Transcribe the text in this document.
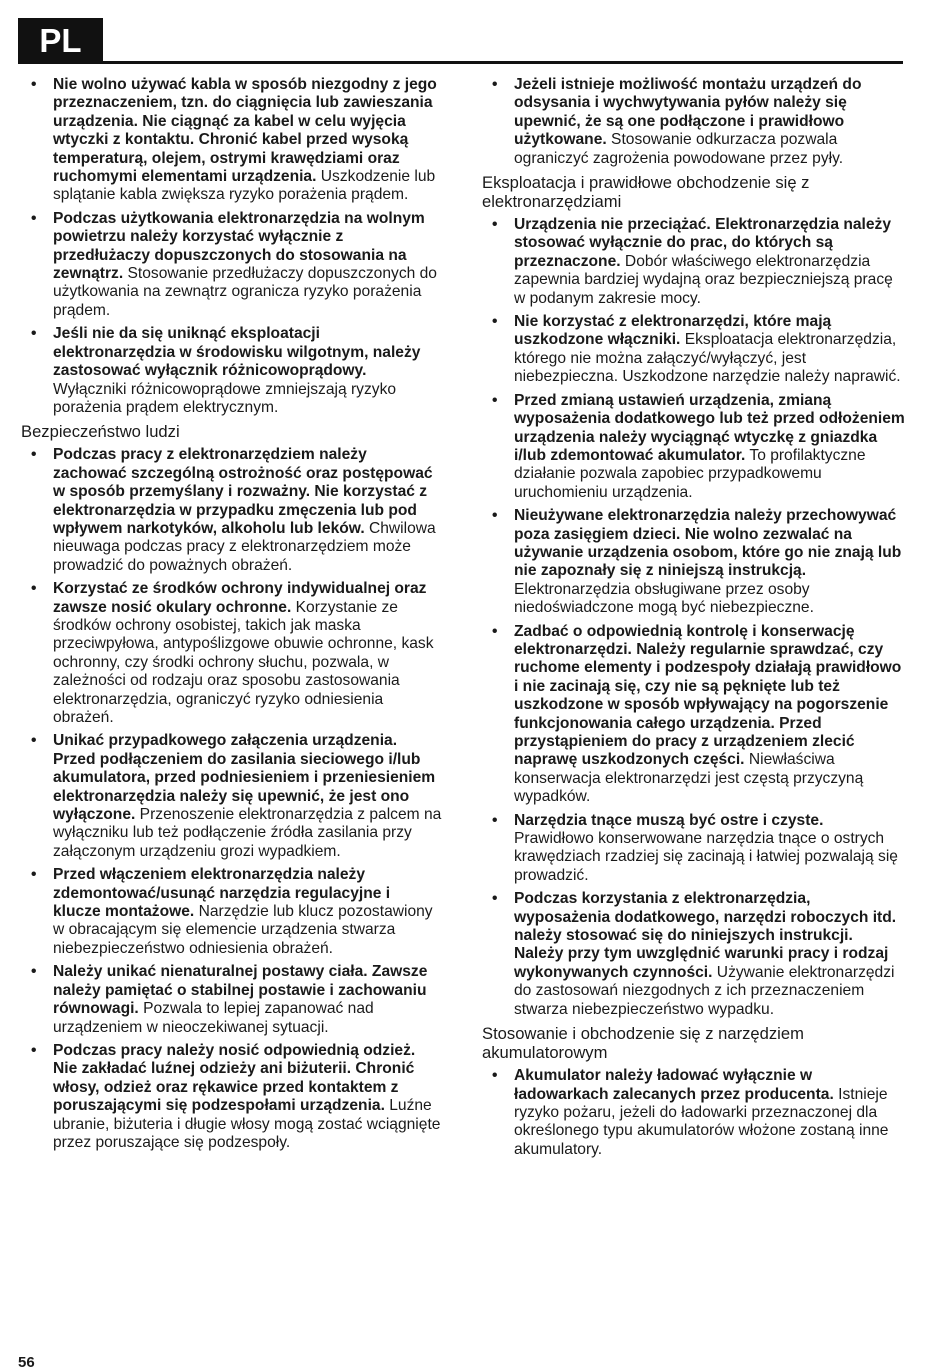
PL
• Nie wolno używać kabla w sposób niezgodny z jego przeznaczeniem, tzn. do ciągnięcia lub zawieszania urządzenia. Nie ciągnąć za kabel w celu wyjęcia wtyczki z kontaktu. Chronić kabel przed wysoką temperaturą, olejem, ostrymi krawędziami oraz ruchomymi elementami urządzenia. Uszkodzenie lub splątanie kabla zwiększa ryzyko porażenia prądem.
• Podczas użytkowania elektronarzędzia na wolnym powietrzu należy korzystać wyłącznie z przedłużaczy dopuszczonych do stosowania na zewnątrz. Stosowanie przedłużaczy dopuszczonych do użytkowania na zewnątrz ogranicza ryzyko porażenia prądem.
• Jeśli nie da się uniknąć eksploatacji elektronarzędzia w środowisku wilgotnym, należy zastosować wyłącznik różnicowoprądowy. Wyłączniki różnicowoprądowe zmniejszają ryzyko porażenia prądem elektrycznym.
Bezpieczeństwo ludzi
• Podczas pracy z elektronarzędziem należy zachować szczególną ostrożność oraz postępować w sposób przemyślany i rozważny. Nie korzystać z elektronarzędzia w przypadku zmęczenia lub pod wpływem narkotyków, alkoholu lub leków. Chwilowa nieuwaga podczas pracy z elektronarzędziem może prowadzić do poważnych obrażeń.
• Korzystać ze środków ochrony indywidualnej oraz zawsze nosić okulary ochronne. Korzystanie ze środków ochrony osobistej, takich jak maska przeciwpyłowa, antypoślizgowe obuwie ochronne, kask ochronny, czy środki ochrony słuchu, pozwala, w zależności od rodzaju oraz sposobu zastosowania elektronarzędzia, ograniczyć ryzyko odniesienia obrażeń.
• Unikać przypadkowego załączenia urządzenia. Przed podłączeniem do zasilania sieciowego i/lub akumulatora, przed podniesieniem i przeniesieniem elektronarzędzia należy się upewnić, że jest ono wyłączone. Przenoszenie elektronarzędzia z palcem na wyłączniku lub też podłączenie źródła zasilania przy załączonym urządzeniu grozi wypadkiem.
• Przed włączeniem elektronarzędzia należy zdemontować/usunąć narzędzia regulacyjne i klucze montażowe. Narzędzie lub klucz pozostawiony w obracającym się elemencie urządzenia stwarza niebezpieczeństwo odniesienia obrażeń.
• Należy unikać nienaturalnej postawy ciała. Zawsze należy pamiętać o stabilnej postawie i zachowaniu równowagi. Pozwala to lepiej zapanować nad urządzeniem w nieoczekiwanej sytuacji.
• Podczas pracy należy nosić odpowiednią odzież. Nie zakładać luźnej odzieży ani biżuterii. Chronić włosy, odzież oraz rękawice przed kontaktem z poruszającymi się podzespołami urządzenia. Luźne ubranie, biżuteria i długie włosy mogą zostać wciągnięte przez poruszające się podzespoły.
• Jeżeli istnieje możliwość montażu urządzeń do odsysania i wychwytywania pyłów należy się upewnić, że są one podłączone i prawidłowo użytkowane. Stosowanie odkurzacza pozwala ograniczyć zagrożenia powodowane przez pyły.
Eksploatacja i prawidłowe obchodzenie się z elektronarzędziami
• Urządzenia nie przeciążać. Elektronarzędzia należy stosować wyłącznie do prac, do których są przeznaczone. Dobór właściwego elektronarzędzia zapewnia bardziej wydajną oraz bezpieczniejszą pracę w podanym zakresie mocy.
• Nie korzystać z elektronarzędzi, które mają uszkodzone włączniki. Eksploatacja elektronarzędzia, którego nie można załączyć/wyłączyć, jest niebezpieczna. Uszkodzone narzędzie należy naprawić.
• Przed zmianą ustawień urządzenia, zmianą wyposażenia dodatkowego lub też przed odłożeniem urządzenia należy wyciągnąć wtyczkę z gniazdka i/lub zdemontować akumulator. To profilaktyczne działanie pozwala zapobiec przypadkowemu uruchomieniu urządzenia.
• Nieużywane elektronarzędzia należy przechowywać poza zasięgiem dzieci. Nie wolno zezwalać na używanie urządzenia osobom, które go nie znają lub nie zapoznały się z niniejszą instrukcją. Elektronarzędzia obsługiwane przez osoby niedoświadczone mogą być niebezpieczne.
• Zadbać o odpowiednią kontrolę i konserwację elektronarzędzi. Należy regularnie sprawdzać, czy ruchome elementy i podzespoły działają prawidłowo i nie zacinają się, czy nie są pęknięte lub też uszkodzone w sposób wpływający na pogorszenie funkcjonowania całego urządzenia. Przed przystąpieniem do pracy z urządzeniem zlecić naprawę uszkodzonych części. Niewłaściwa konserwacja elektronarzędzi jest częstą przyczyną wypadków.
• Narzędzia tnące muszą być ostre i czyste. Prawidłowo konserwowane narzędzia tnące o ostrych krawędziach rzadziej się zacinają i łatwiej pozwalają się prowadzić.
• Podczas korzystania z elektronarzędzia, wyposażenia dodatkowego, narzędzi roboczych itd. należy stosować się do niniejszych instrukcji. Należy przy tym uwzględnić warunki pracy i rodzaj wykonywanych czynności. Używanie elektronarzędzi do zastosowań niezgodnych z ich przeznaczeniem stwarza niebezpieczeństwo wypadku.
Stosowanie i obchodzenie się z narzędziem akumulatorowym
• Akumulator należy ładować wyłącznie w ładowarkach zalecanych przez producenta. Istnieje ryzyko pożaru, jeżeli do ładowarki przeznaczonej dla określonego typu akumulatorów włożone zostaną inne akumulatory.
56
